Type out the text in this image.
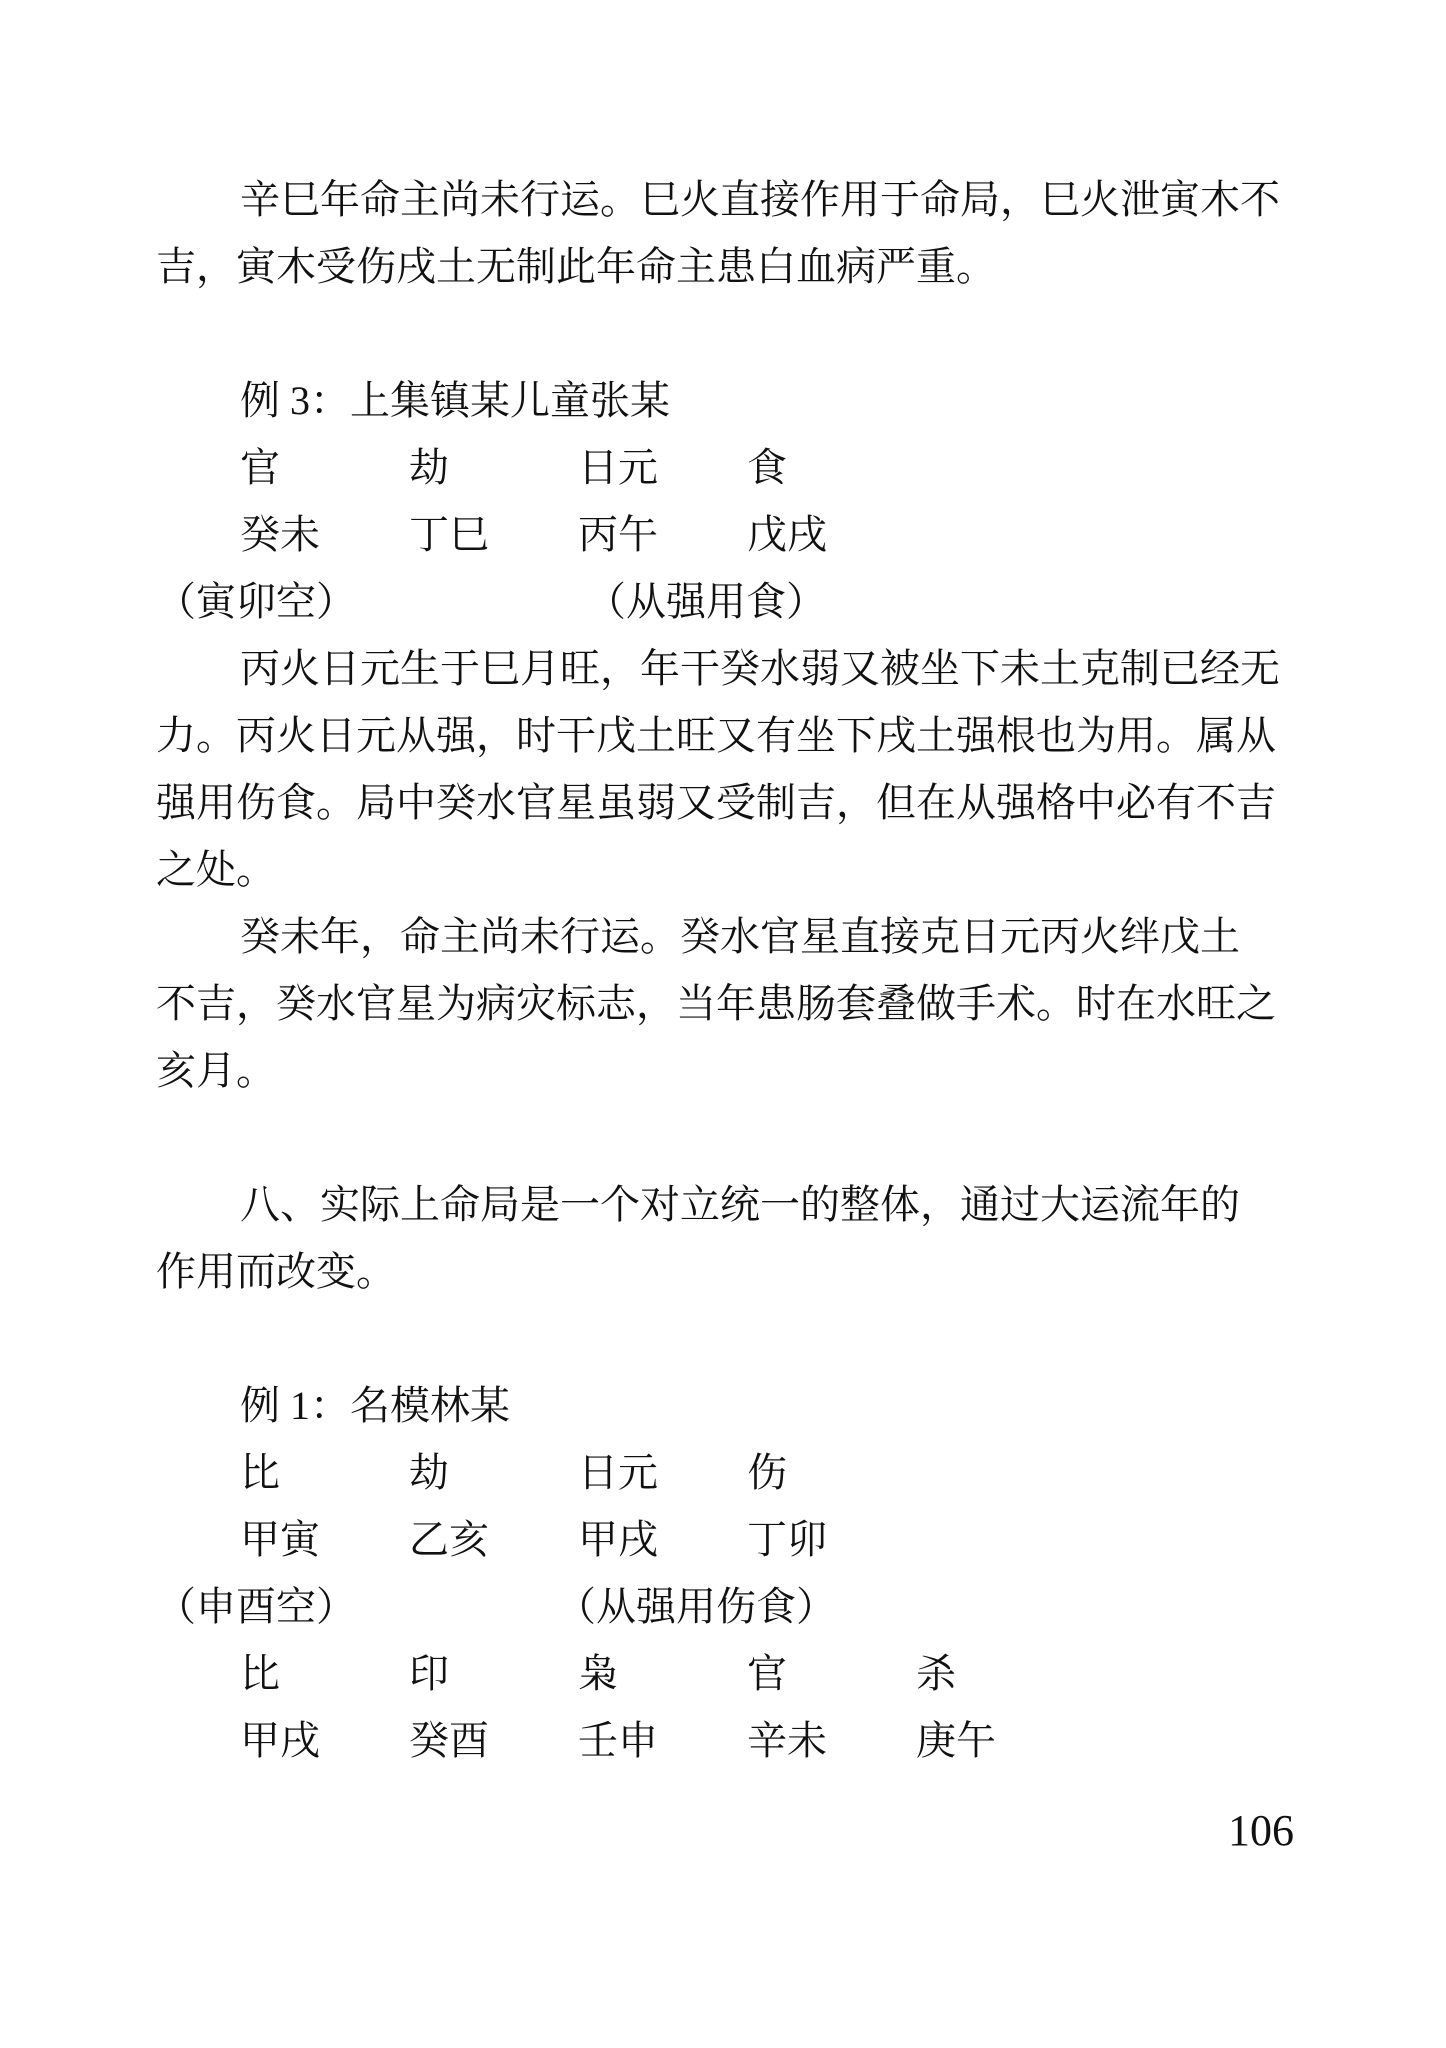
辛巳年命主尚未行运。巳火直接作用于命局，巳火泄寅木不
吉，寅木受伤戌土无制此年命主患白血病严重。
例 3：上集镇某儿童张某
官	劫	日元	食
癸未	丁巳	丙午	戊戌
（寅卯空）	（从强用食）
丙火日元生于巳月旺，年干癸水弱又被坐下未土克制已经无
力。丙火日元从强，时干戊土旺又有坐下戌土强根也为用。属从
强用伤食。局中癸水官星虽弱又受制吉，但在从强格中必有不吉
之处。
癸未年，命主尚未行运。癸水官星直接克日元丙火绊戊土
不吉，癸水官星为病灾标志，当年患肠套叠做手术。时在水旺之
亥月。
八、实际上命局是一个对立统一的整体，通过大运流年的
作用而改变。
例 1：名模林某
比	劫	日元	伤
甲寅	乙亥	甲戌	丁卯
（申酉空）	（从强用伤食）
比	印	枭	官	杀
甲戌	癸酉	壬申	辛未	庚午
106
